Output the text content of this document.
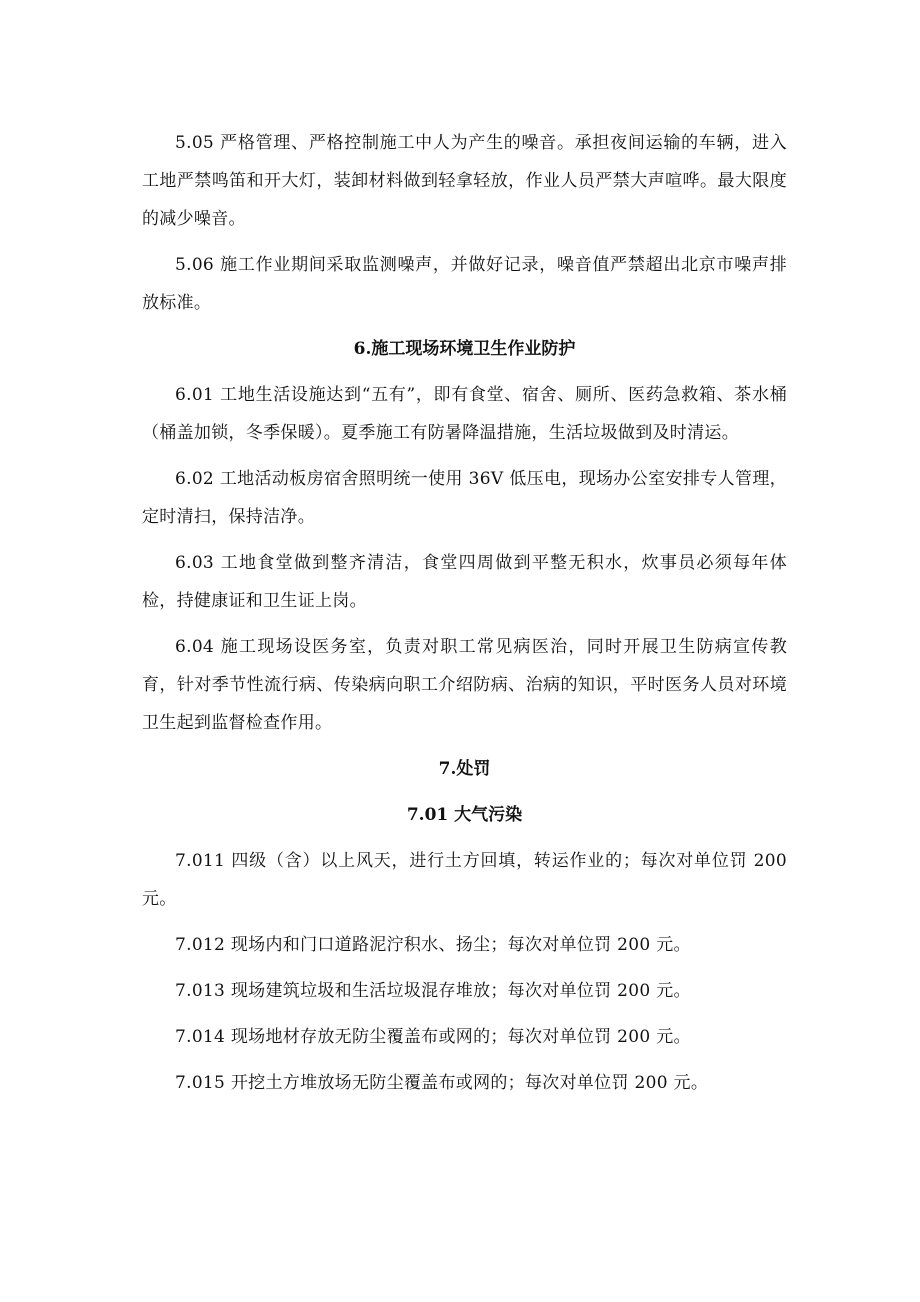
5.05 严格管理、严格控制施工中人为产生的噪音。承担夜间运输的车辆，进入工地严禁鸣笛和开大灯，装卸材料做到轻拿轻放，作业人员严禁大声喧哗。最大限度的减少噪音。

5.06 施工作业期间采取监测噪声，并做好记录，噪音值严禁超出北京市噪声排放标准。

6.施工现场环境卫生作业防护

6.01 工地生活设施达到“五有”，即有食堂、宿舍、厕所、医药急救箱、茶水桶（桶盖加锁，冬季保暖）。夏季施工有防暑降温措施，生活垃圾做到及时清运。

6.02 工地活动板房宿舍照明统一使用 36V 低压电，现场办公室安排专人管理，定时清扫，保持洁净。

6.03 工地食堂做到整齐清洁，食堂四周做到平整无积水，炊事员必须每年体检，持健康证和卫生证上岗。

6.04 施工现场设医务室，负责对职工常见病医治，同时开展卫生防病宣传教育，针对季节性流行病、传染病向职工介绍防病、治病的知识，平时医务人员对环境卫生起到监督检查作用。

7.处罚

7.01 大气污染

7.011 四级（含）以上风天，进行土方回填，转运作业的；每次对单位罚 200 元。

7.012 现场内和门口道路泥泞积水、扬尘；每次对单位罚 200 元。

7.013 现场建筑垃圾和生活垃圾混存堆放；每次对单位罚 200 元。

7.014 现场地材存放无防尘覆盖布或网的；每次对单位罚 200 元。

7.015 开挖土方堆放场无防尘覆盖布或网的；每次对单位罚 200 元。
